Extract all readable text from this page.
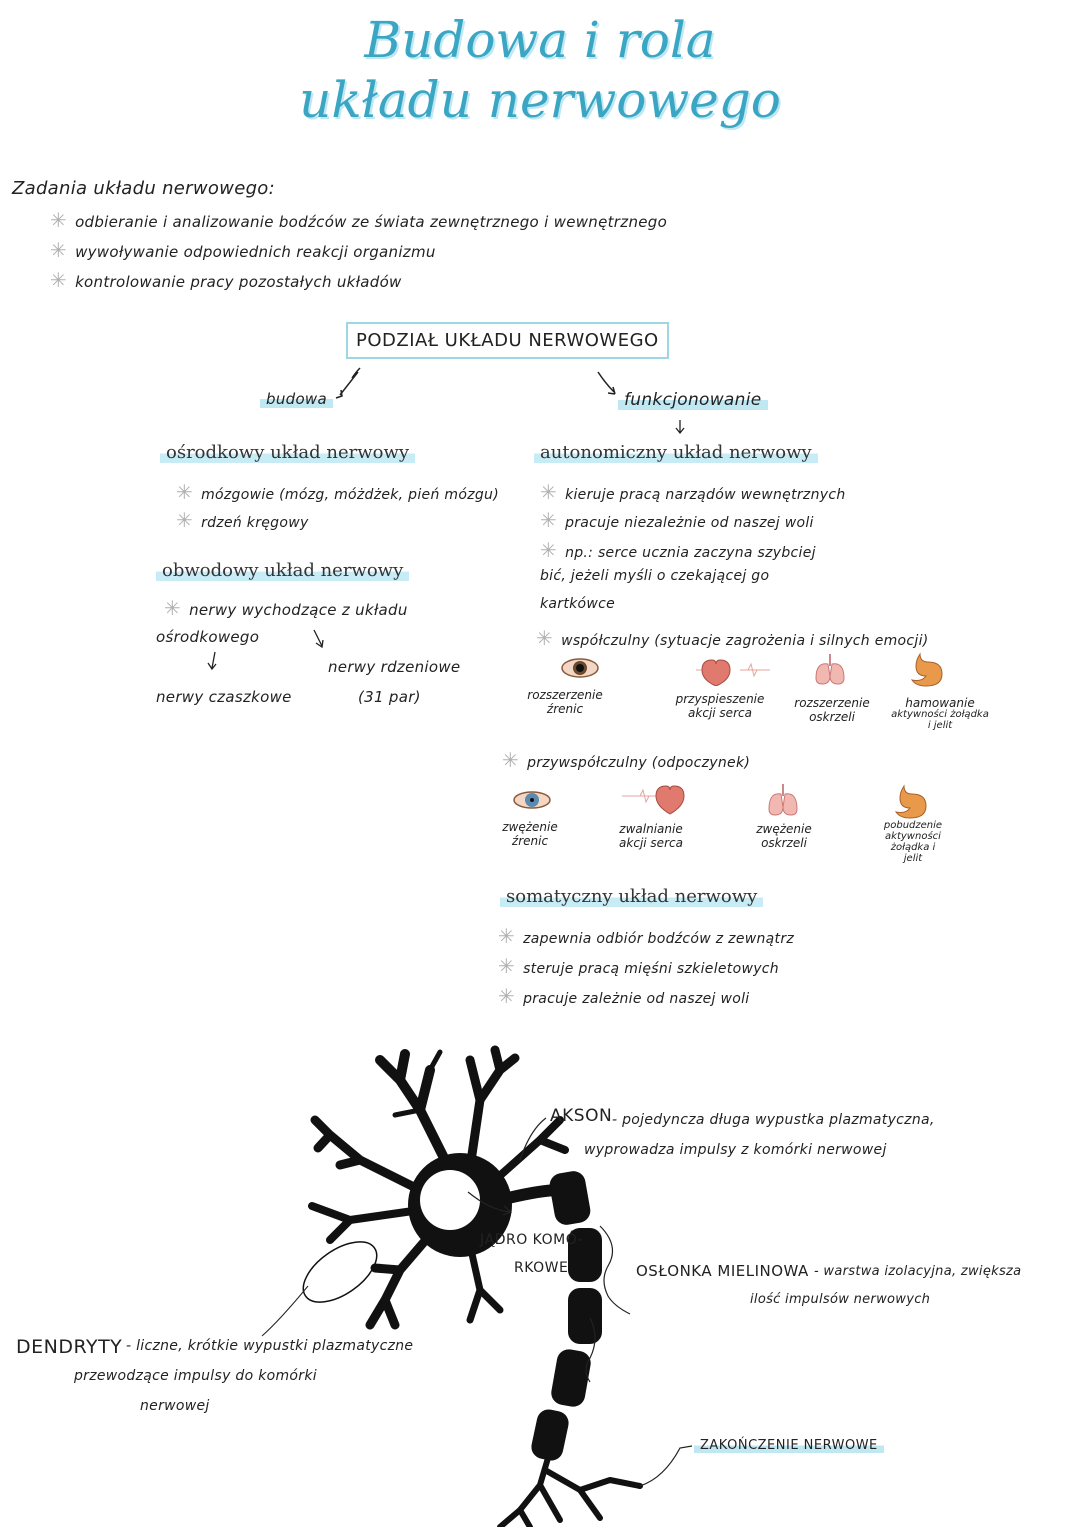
Budowa i rola
układu nerwowego
Zadania układu nerwowego:
✳ odbieranie i analizowanie bodźców ze świata zewnętrznego i wewnętrznego
✳ wywoływanie odpowiednich reakcji organizmu
✳ kontrolowanie pracy pozostałych układów
PODZIAŁ UKŁADU NERWOWEGO
budowa	funkcjonowanie
ośrodkowy układ nerwowy
✳ mózgowie (mózg, móżdżek, pień mózgu)
✳ rdzeń kręgowy
obwodowy układ nerwowy
✳ nerwy wychodzące z układu
ośrodkowego
nerwy czaszkowe
nerwy rdzeniowe
(31 par)
autonomiczny układ nerwowy
✳ kieruje pracą narządów wewnętrznych
✳ pracuje niezależnie od naszej woli
✳ np.: serce ucznia zaczyna szybciej
bić, jeżeli myśli o czekającej go
kartkówce
✳ współczulny (sytuacje zagrożenia i silnych emocji)
rozszerzenie
źrenic
przyspieszenie
akcji serca
rozszerzenie
oskrzeli
hamowanie
aktywności żołądka
i jelit
✳ przywspółczulny (odpoczynek)
zwężenie
źrenic
zwalnianie
akcji serca
zwężenie
oskrzeli
pobudzenie
aktywności
żołądka i
jelit
somatyczny układ nerwowy
✳ zapewnia odbiór bodźców z zewnątrz
✳ steruje pracą mięśni szkieletowych
✳ pracuje zależnie od naszej woli
AKSON - pojedyncza długa wypustka plazmatyczna,
wyprowadza impulsy z komórki nerwowej
JĄDRO KOMÓ-
RKOWE	OSŁONKA MIELINOWA - warstwa izolacyjna, zwiększa
ilość impulsów nerwowych
DENDRYTY - liczne, krótkie wypustki plazmatyczne
przewodzące impulsy do komórki
nerwowej
ZAKOŃCZENIE NERWOWE
